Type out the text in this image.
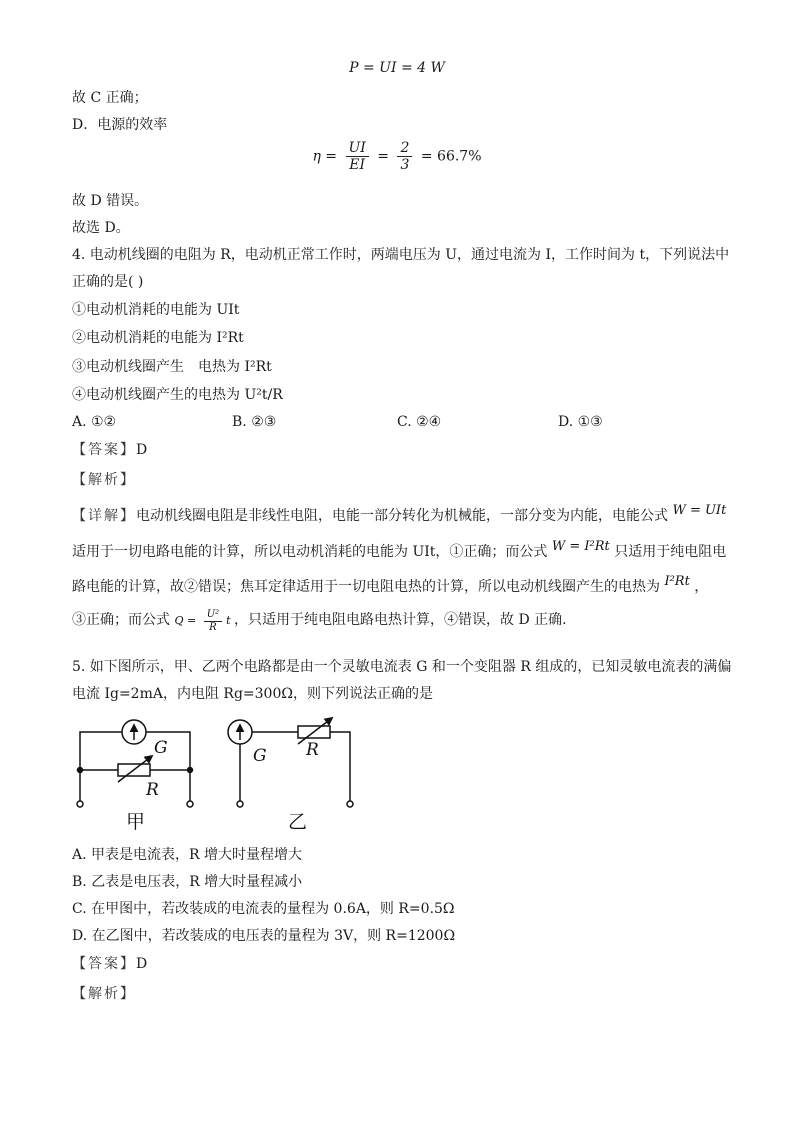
P = UI = 4 W
故 C 正确；
D．电源的效率
$\eta = \frac{UI}{EI} = \frac{2}{3} = 66.7\%$
故 D 错误。
故选 D。
4. 电动机线圈的电阻为 R，电动机正常工作时，两端电压为 U，通过电流为 I，工作时间为 t，下列说法中
正确的是( )
①电动机消耗的电能为 UIt
②电动机消耗的电能为 I²Rt
③电动机线圈产生　电热为 I²Rt
④电动机线圈产生的电热为 U²t/R
A. ①②	B. ②③	C. ②④	D. ①③
【答案】D
【解析】
【详解】电动机线圈电阻是非线性电阻，电能一部分转化为机械能，一部分变为内能，电能公式 W = UIt
适用于一切电路电能的计算，所以电动机消耗的电能为 UIt，①正确；而公式 W = I²Rt 只适用于纯电阻电
路电能的计算，故②错误；焦耳定律适用于一切电阻电热的计算，所以电动机线圈产生的电热为 I²Rt ，
③正确；而公式 $Q = \frac{\text{U²}}{R}$ t ，只适用于纯电阻电路电热计算，④错误，故 D 正确.
5. 如下图所示，甲、乙两个电路都是由一个灵敏电流表 G 和一个变阻器 R 组成的，已知灵敏电流表的满偏
电流 Ig=2mA，内电阻 Rg=300Ω，则下列说法正确的是
G
R
甲
G R
乙
A. 甲表是电流表，R 增大时量程增大
B. 乙表是电压表，R 增大时量程减小
C. 在甲图中，若改装成的电流表的量程为 0.6A，则 R=0.5Ω
D. 在乙图中，若改装成的电压表的量程为 3V，则 R=1200Ω
【答案】D
【解析】
